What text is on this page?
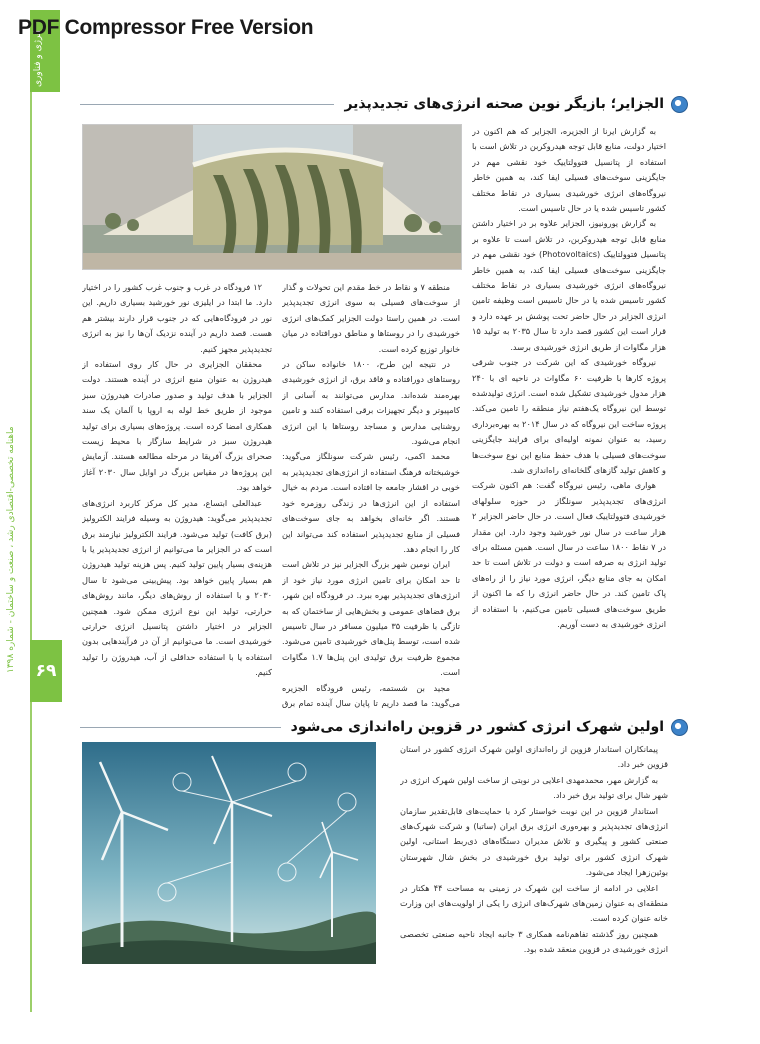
انرژی و فناوری
PDF Compressor Free Version
ماهنامه تخصصی-اقتصادی رشد ، صنعت و ساختمان - شماره ۱۳۹۸
۶۹
الجزایر؛ بازیگر نوین صحنه انرژی‌های تجدیدپذیر

به گزارش ایرنا از الجزیره، الجزایر که هم اکنون در اختیار دولت، منابع قابل توجه هیدروکربن در تلاش است با استفاده از پتانسیل فتوولتاییک خود نقشی مهم در جایگزینی سوخت‌های فسیلی ایفا کند، به همین خاطر نیروگاه‌های انرژی خورشیدی بسیاری در نقاط مختلف کشور تاسیس شده یا در حال تاسیس است.

به گزارش یورونیوز، الجزایر علاوه بر در اختیار داشتن منابع قابل توجه هیدروکربن، در تلاش است تا علاوه بر پتانسیل فتوولتاییک (Photovoltaics) خود نقشی مهم در جایگزینی سوخت‌های فسیلی ایفا کند، به همین خاطر نیروگاه‌های انرژی خورشیدی بسیاری در نقاط مختلف کشور تاسیس شده یا در حال تاسیس است وظیفه تامین انرژی الجزایر در حال حاضر تحت پوشش بر عهده دارد و قرار است این کشور قصد دارد تا سال ۲۰۳۵ به تولید ۱۵ هزار مگاوات از طریق انرژی خورشیدی برسد.

نیروگاه خورشیدی که این شرکت در جنوب شرقی پروژه کارها با ظرفیت ۶۰ مگاوات در ناحیه ای با ۲۴۰ هزار مدول خورشیدی تشکیل شده است. انرژی تولیدشده توسط این نیروگاه یک‌هفتم نیاز منطقه را تامین می‌کند. پروژه ساخت این نیروگاه که در سال ۲۰۱۴ به بهره‌برداری رسید، به عنوان نمونه اولیه‌ای برای فرایند جایگزینی سوخت‌های فسیلی با هدف حفظ منابع این نوع سوخت‌ها و کاهش تولید گازهای گلخانه‌ای راه‌اندازی شد.

هواری ماهی، رئیس نیروگاه گفت: هم اکنون شرکت انرژی‌های تجدیدپذیر سونلگاز در حوزه سلولهای خورشیدی فتوولتاییک فعال است. در حال حاضر الجزایر ۲ هزار ساعت در سال نور خورشید وجود دارد. این مقدار در ۷ نقاط ۱۸۰۰ ساعت در سال است. همین مسئله برای تولید انرژی به صرفه است و دولت در تلاش است تا حد امکان به جای منابع دیگر، انرژی مورد نیاز را از راه‌های پاک تامین کند. در حال حاضر انرژی را که ما اکنون از طریق سوخت‌های فسیلی تامین می‌کنیم، با استفاده از انرژی خورشیدی به دست آوریم.

منطقه ۷ و نقاط در خط مقدم این تحولات و گذار از سوخت‌های فسیلی به سوی انرژی تجدیدپذیر است. در همین راستا دولت الجزایر کمک‌های انرژی خورشیدی را در روستاها و مناطق دورافتاده در میان خانوار توزیع کرده است.

در نتیجه این طرح، ۱۸۰۰ خانواده ساکن در روستاهای دورافتاده و فاقد برق، از انرژی خورشیدی بهره‌مند شده‌اند. مدارس می‌توانند به آسانی از کامپیوتر و دیگر تجهیزات برقی استفاده کنند و تامین روشنایی مدارس و مساجد روستاها با این انرژی انجام می‌شود.

محمد اکمی، رئیس شرکت سونلگاز می‌گوید: خوشبختانه فرهنگ استفاده از انرژی‌های تجدیدپذیر به خوبی در اقشار جامعه جا افتاده است. مردم به خیال استفاده از این انرژی‌ها در زندگی روزمره خود هستند. اگر خانه‌ای بخواهد به جای سوخت‌های فسیلی از منابع تجدیدپذیر استفاده کند می‌تواند این کار را انجام دهد.

ایران نومین شهر بزرگ الجزایر نیز در تلاش است تا حد امکان برای تامین انرژی مورد نیاز خود از انرژی‌های تجدیدپذیر بهره ببرد. در فرودگاه این شهر، برق فضاهای عمومی و بخش‌هایی از ساختمان که به تازگی با ظرفیت ۳۵ میلیون مسافر در سال تاسیس شده است، توسط پنل‌های خورشیدی تامین می‌شود. مجموع ظرفیت برق تولیدی این پنل‌ها ۱.۷ مگاوات است.

مجید بن شستمه، رئیس فرودگاه الجزیره می‌گوید: ما قصد داریم تا پایان سال آینده تمام برق

۱۲ فرودگاه در غرب و جنوب غرب کشور را در اختیار دارد. ما ابتدا در ایلیزی نور خورشید بسیاری داریم. این نور در فرودگاه‌هایی که در جنوب قرار دارند بیشتر هم هست. قصد داریم در آینده نزدیک آن‌ها را نیز به انرژی تجدیدپذیر مجهز کنیم.

محققان الجزایری در حال کار روی استفاده از هیدروژن به عنوان منبع انرژی در آینده هستند. دولت الجزایر با هدف تولید و صدور صادرات هیدروژن سبز موجود از طریق خط لوله به اروپا با آلمان یک سند همکاری امضا کرده است. پروژه‌های بسیاری برای تولید هیدروژن سبز در شرایط سازگار با محیط زیست صحرای بزرگ آفریقا در مرحله مطالعه هستند. آزمایش این پروژه‌ها در مقیاس بزرگ در اوایل سال ۲۰۳۰ آغاز خواهد بود.

عبدالعلی ابتساع، مدیر کل مرکز کاربرد انرژی‌های تجدیدپذیر می‌گوید: هیدروژن به وسیله فرایند الکترولیز (برق کافت) تولید می‌شود. فرایند الکترولیز نیازمند برق است که در الجزایر ما می‌توانیم از انرژی تجدیدپذیر یا با هزینه‌ی بسیار پایین تولید کنیم. پس هزینه تولید هیدروژن هم بسیار پایین خواهد بود. پیش‌بینی می‌شود تا سال ۲۰۳۰ و با استفاده از روش‌های دیگر، مانند روش‌های حرارتی، تولید این نوع انرژی ممکن شود. همچنین الجزایر در اختیار داشتن پتانسیل انرژی حرارتی خورشیدی است. ما می‌توانیم از آن در فرآیندهایی بدون استفاده یا با استفاده حداقلی از آب، هیدروژن را تولید کنیم.

اولین شهرک انرژی کشور در قزوین راه‌اندازی می‌شود

پیمانکاران استاندار قزوین از راه‌اندازی اولین شهرک انرژی کشور در استان قزوین خبر داد.

به گزارش مهر، محمدمهدی اعلایی در نوبتی از ساخت اولین شهرک انرژی در شهر شال برای تولید برق خبر داد.

استاندار قزوین در این نوبت خواستار کرد با حمایت‌های قابل‌تقدیر سازمان انرژی‌های تجدیدپذیر و بهره‌وری انرژی برق ایران (ساتبا) و شرکت شهرک‌های صنعتی کشور و پیگیری و تلاش مدیران دستگاه‌های ذی‌ربط استانی، اولین شهرک انرژی کشور برای تولید برق خورشیدی در بخش شال شهرستان بوئین‌زهرا ایجاد می‌شود.

اعلایی در ادامه از ساخت این شهرک در زمینی به مساحت ۴۴ هکتار در منطقه‌ای به عنوان زمین‌های شهرک‌های انرژی را یکی از اولویت‌های این وزارت خانه عنوان کرده است.

همچنین روز گذشته تفاهم‌نامه همکاری ۳ جانبه ایجاد ناحیه صنعتی تخصصی انرژی خورشیدی در قزوین منعقد شده بود.
